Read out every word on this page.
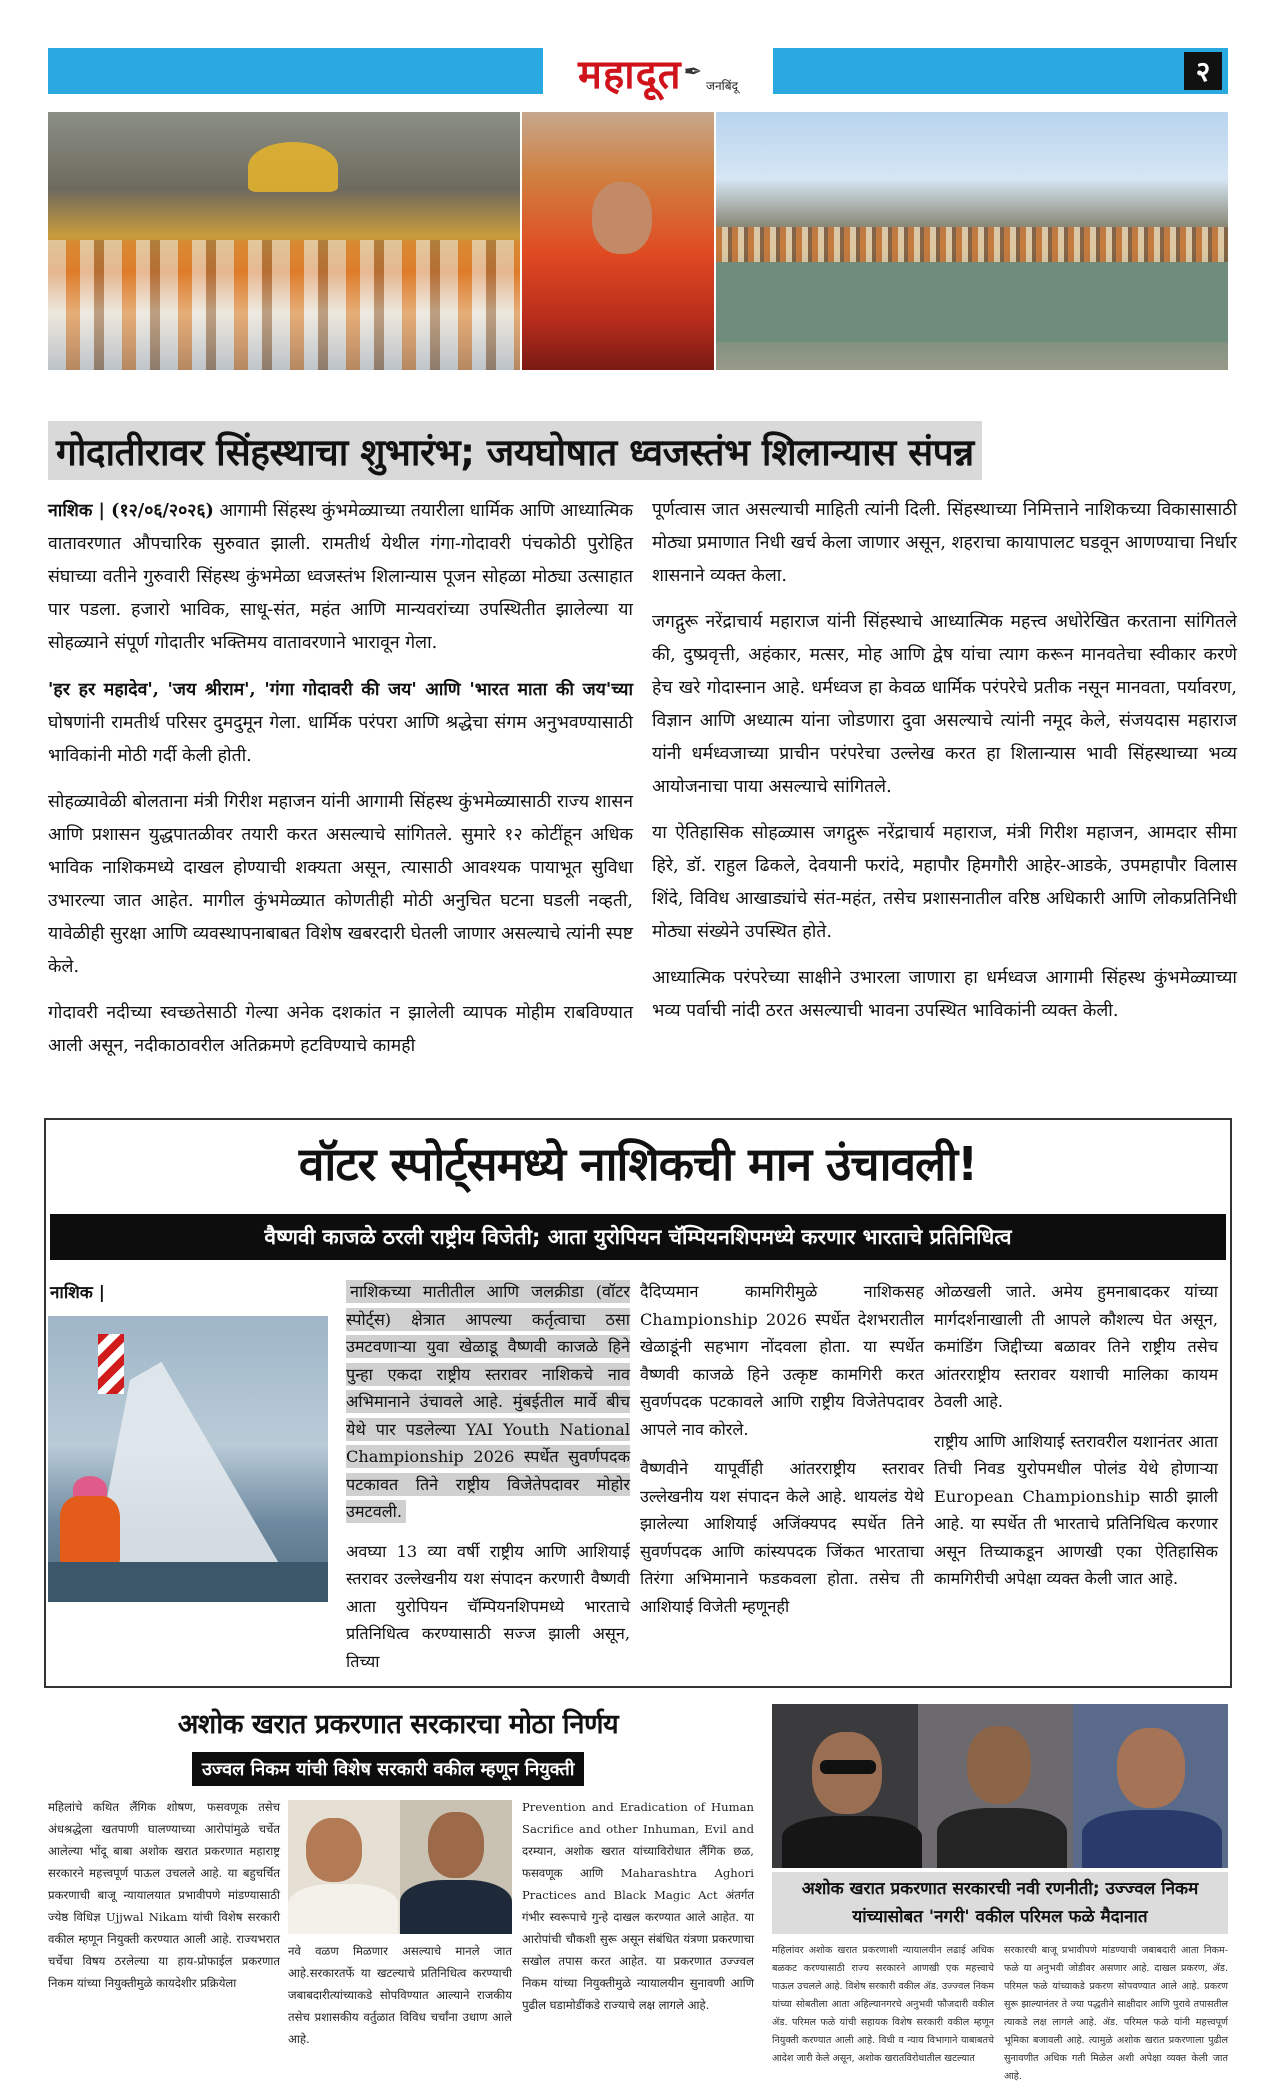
महादूत ✒
जनबिंदू	२
गोदातीरावर सिंहस्थाचा शुभारंभ; जयघोषात ध्वजस्तंभ शिलान्यास संपन्न

नाशिक | (१२/०६/२०२६) आगामी सिंहस्थ कुंभमेळ्याच्या तयारीला धार्मिक आणि आध्यात्मिक वातावरणात औपचारिक सुरुवात झाली. रामतीर्थ येथील गंगा-गोदावरी पंचकोठी पुरोहित संघाच्या वतीने गुरुवारी सिंहस्थ कुंभमेळा ध्वजस्तंभ शिलान्यास पूजन सोहळा मोठ्या उत्साहात पार पडला. हजारो भाविक, साधू-संत, महंत आणि मान्यवरांच्या उपस्थितीत झालेल्या या सोहळ्याने संपूर्ण गोदातीर भक्तिमय वातावरणाने भारावून गेला.

'हर हर महादेव', 'जय श्रीराम', 'गंगा गोदावरी की जय' आणि 'भारत माता की जय'च्या घोषणांनी रामतीर्थ परिसर दुमदुमून गेला. धार्मिक परंपरा आणि श्रद्धेचा संगम अनुभवण्यासाठी भाविकांनी मोठी गर्दी केली होती.

सोहळ्यावेळी बोलताना मंत्री गिरीश महाजन यांनी आगामी सिंहस्थ कुंभमेळ्यासाठी राज्य शासन आणि प्रशासन युद्धपातळीवर तयारी करत असल्याचे सांगितले. सुमारे १२ कोटींहून अधिक भाविक नाशिकमध्ये दाखल होण्याची शक्यता असून, त्यासाठी आवश्यक पायाभूत सुविधा उभारल्या जात आहेत. मागील कुंभमेळ्यात कोणतीही मोठी अनुचित घटना घडली नव्हती, यावेळीही सुरक्षा आणि व्यवस्थापनाबाबत विशेष खबरदारी घेतली जाणार असल्याचे त्यांनी स्पष्ट केले.

गोदावरी नदीच्या स्वच्छतेसाठी गेल्या अनेक दशकांत न झालेली व्यापक मोहीम राबविण्यात आली असून, नदीकाठावरील अतिक्रमणे हटविण्याचे कामही

पूर्णत्वास जात असल्याची माहिती त्यांनी दिली. सिंहस्थाच्या निमित्ताने नाशिकच्या विकासासाठी मोठ्या प्रमाणात निधी खर्च केला जाणार असून, शहराचा कायापालट घडवून आणण्याचा निर्धार शासनाने व्यक्त केला.

जगद्गुरू नरेंद्राचार्य महाराज यांनी सिंहस्थाचे आध्यात्मिक महत्त्व अधोरेखित करताना सांगितले की, दुष्प्रवृत्ती, अहंकार, मत्सर, मोह आणि द्वेष यांचा त्याग करून मानवतेचा स्वीकार करणे हेच खरे गोदास्नान आहे. धर्मध्वज हा केवळ धार्मिक परंपरेचे प्रतीक नसून मानवता, पर्यावरण, विज्ञान आणि अध्यात्म यांना जोडणारा दुवा असल्याचे त्यांनी नमूद केले, संजयदास महाराज यांनी धर्मध्वजाच्या प्राचीन परंपरेचा उल्लेख करत हा शिलान्यास भावी सिंहस्थाच्या भव्य आयोजनाचा पाया असल्याचे सांगितले.

या ऐतिहासिक सोहळ्यास जगद्गुरू नरेंद्राचार्य महाराज, मंत्री गिरीश महाजन, आमदार सीमा हिरे, डॉ. राहुल ढिकले, देवयानी फरांदे, महापौर हिमगौरी आहेर-आडके, उपमहापौर विलास शिंदे, विविध आखाड्यांचे संत-महंत, तसेच प्रशासनातील वरिष्ठ अधिकारी आणि लोकप्रतिनिधी मोठ्या संख्येने उपस्थित होते.

आध्यात्मिक परंपरेच्या साक्षीने उभारला जाणारा हा धर्मध्वज आगामी सिंहस्थ कुंभमेळ्याच्या भव्य पर्वाची नांदी ठरत असल्याची भावना उपस्थित भाविकांनी व्यक्त केली.

वॉटर स्पोर्ट्समध्ये नाशिकची मान उंचावली!
वैष्णवी काजळे ठरली राष्ट्रीय विजेती; आता युरोपियन चॅम्पियनशिपमध्ये करणार भारताचे प्रतिनिधित्व
नाशिक |	नाशिकच्या मातीतील आणि जलक्रीडा (वॉटर स्पोर्ट्स) क्षेत्रात आपल्या कर्तृत्वाचा ठसा उमटवणाऱ्या युवा खेळाडू वैष्णवी काजळे हिने पुन्हा एकदा राष्ट्रीय स्तरावर नाशिकचे नाव अभिमानाने उंचावले आहे. मुंबईतील मार्वे बीच येथे पार पडलेल्या YAI Youth National Championship 2026 स्पर्धेत सुवर्णपदक पटकावत तिने राष्ट्रीय विजेतेपदावर मोहोर उमटवली.

अवघ्या 13 व्या वर्षी राष्ट्रीय आणि आशियाई स्तरावर उल्लेखनीय यश संपादन करणारी वैष्णवी आता युरोपियन चॅम्पियनशिपमध्ये भारताचे प्रतिनिधित्व करण्यासाठी सज्ज झाली असून, तिच्या

दैदिप्यमान कामगिरीमुळे नाशिकसह Championship 2026 स्पर्धेत देशभरातील खेळाडूंनी सहभाग नोंदवला होता. या स्पर्धेत वैष्णवी काजळे हिने उत्कृष्ट कामगिरी करत सुवर्णपदक पटकावले आणि राष्ट्रीय विजेतेपदावर आपले नाव कोरले.

वैष्णवीने यापूर्वीही आंतरराष्ट्रीय स्तरावर उल्लेखनीय यश संपादन केले आहे. थायलंड येथे झालेल्या आशियाई अजिंक्यपद स्पर्धेत तिने सुवर्णपदक आणि कांस्यपदक जिंकत भारताचा तिरंगा अभिमानाने फडकवला होता. तसेच ती आशियाई विजेती म्हणूनही

ओळखली जाते. अमेय हुमनाबादकर यांच्या मार्गदर्शनाखाली ती आपले कौशल्य घेत असून, कमांडिंग जिद्दीच्या बळावर तिने राष्ट्रीय तसेच आंतरराष्ट्रीय स्तरावर यशाची मालिका कायम ठेवली आहे.

राष्ट्रीय आणि आशियाई स्तरावरील यशानंतर आता तिची निवड युरोपमधील पोलंड येथे होणाऱ्या European Championship साठी झाली आहे. या स्पर्धेत ती भारताचे प्रतिनिधित्व करणार असून तिच्याकडून आणखी एका ऐतिहासिक कामगिरीची अपेक्षा व्यक्त केली जात आहे.

अशोक खरात प्रकरणात सरकारचा मोठा निर्णय
उज्वल निकम यांची विशेष सरकारी वकील म्हणून नियुक्ती
महिलांचे कथित लैंगिक शोषण, फसवणूक तसेच अंधश्रद्धेला खतपाणी घालण्याच्या आरोपांमुळे चर्चेत आलेल्या भोंदू बाबा अशोक खरात प्रकरणात महाराष्ट्र सरकारने महत्त्वपूर्ण पाऊल उचलले आहे. या बहुचर्चित प्रकरणाची बाजू न्यायालयात प्रभावीपणे मांडण्यासाठी ज्येष्ठ विधिज्ञ Ujjwal Nikam यांची विशेष सरकारी वकील म्हणून नियुक्ती करण्यात आली आहे. राज्यभरात चर्चेचा विषय ठरलेल्या या हाय-प्रोफाईल प्रकरणात निकम यांच्या नियुक्तीमुळे कायदेशीर प्रक्रियेला
नवे वळण मिळणार असल्याचे मानले जात आहे.सरकारतर्फे या खटल्याचे प्रतिनिधित्व करण्याची जबाबदारीत्यांच्याकडे सोपविण्यात आल्याने राजकीय तसेच प्रशासकीय वर्तुळात विविध चर्चांना उधाण आले आहे.
Prevention and Eradication of Human Sacrifice and other Inhuman, Evil and दरम्यान, अशोक खरात यांच्याविरोधात लैंगिक छळ, फसवणूक आणि Maharashtra Aghori Practices and Black Magic Act अंतर्गत गंभीर स्वरूपाचे गुन्हे दाखल करण्यात आले आहेत. या आरोपांची चौकशी सुरू असून संबंधित यंत्रणा प्रकरणाचा सखोल तपास करत आहेत. या प्रकरणात उज्ज्वल निकम यांच्या नियुक्तीमुळे न्यायालयीन सुनावणी आणि पुढील घडामोडींकडे राज्याचे लक्ष लागले आहे.
अशोक खरात प्रकरणात सरकारची नवी रणनीती; उज्ज्वल निकम यांच्यासोबत 'नगरी' वकील परिमल फळे मैदानात
महिलांवर अशोक खरात प्रकरणाशी न्यायालयीन लढाई अधिक बळकट करण्यासाठी राज्य सरकारने आणखी एक महत्त्वाचे पाऊल उचलले आहे. विशेष सरकारी वकील ॲड. उज्ज्वल निकम यांच्या सोबतीला आता अहिल्यानगरचे अनुभवी फौजदारी वकील ॲड. परिमल फळे यांची सहायक विशेष सरकारी वकील म्हणून नियुक्ती करण्यात आली आहे. विधी व न्याय विभागाने याबाबतचे आदेश जारी केले असून, अशोक खरातविरोधातील खटल्यात
सरकारची बाजू प्रभावीपणे मांडण्याची जबाबदारी आता निकम-फळे या अनुभवी जोडीवर असणार आहे. दाखल प्रकरण, ॲड. परिमल फळे यांच्याकडे प्रकरण सोपवण्यात आले आहे. प्रकरण सुरू झाल्यानंतर ते ज्या पद्धतीने साक्षीदार आणि पुरावे तपासतील त्याकडे लक्ष लागले आहे. ॲड. परिमल फळे यांनी महत्त्वपूर्ण भूमिका बजावली आहे. त्यामुळे अशोक खरात प्रकरणाला पुढील सुनावणीत अधिक गती मिळेल अशी अपेक्षा व्यक्त केली जात आहे.
